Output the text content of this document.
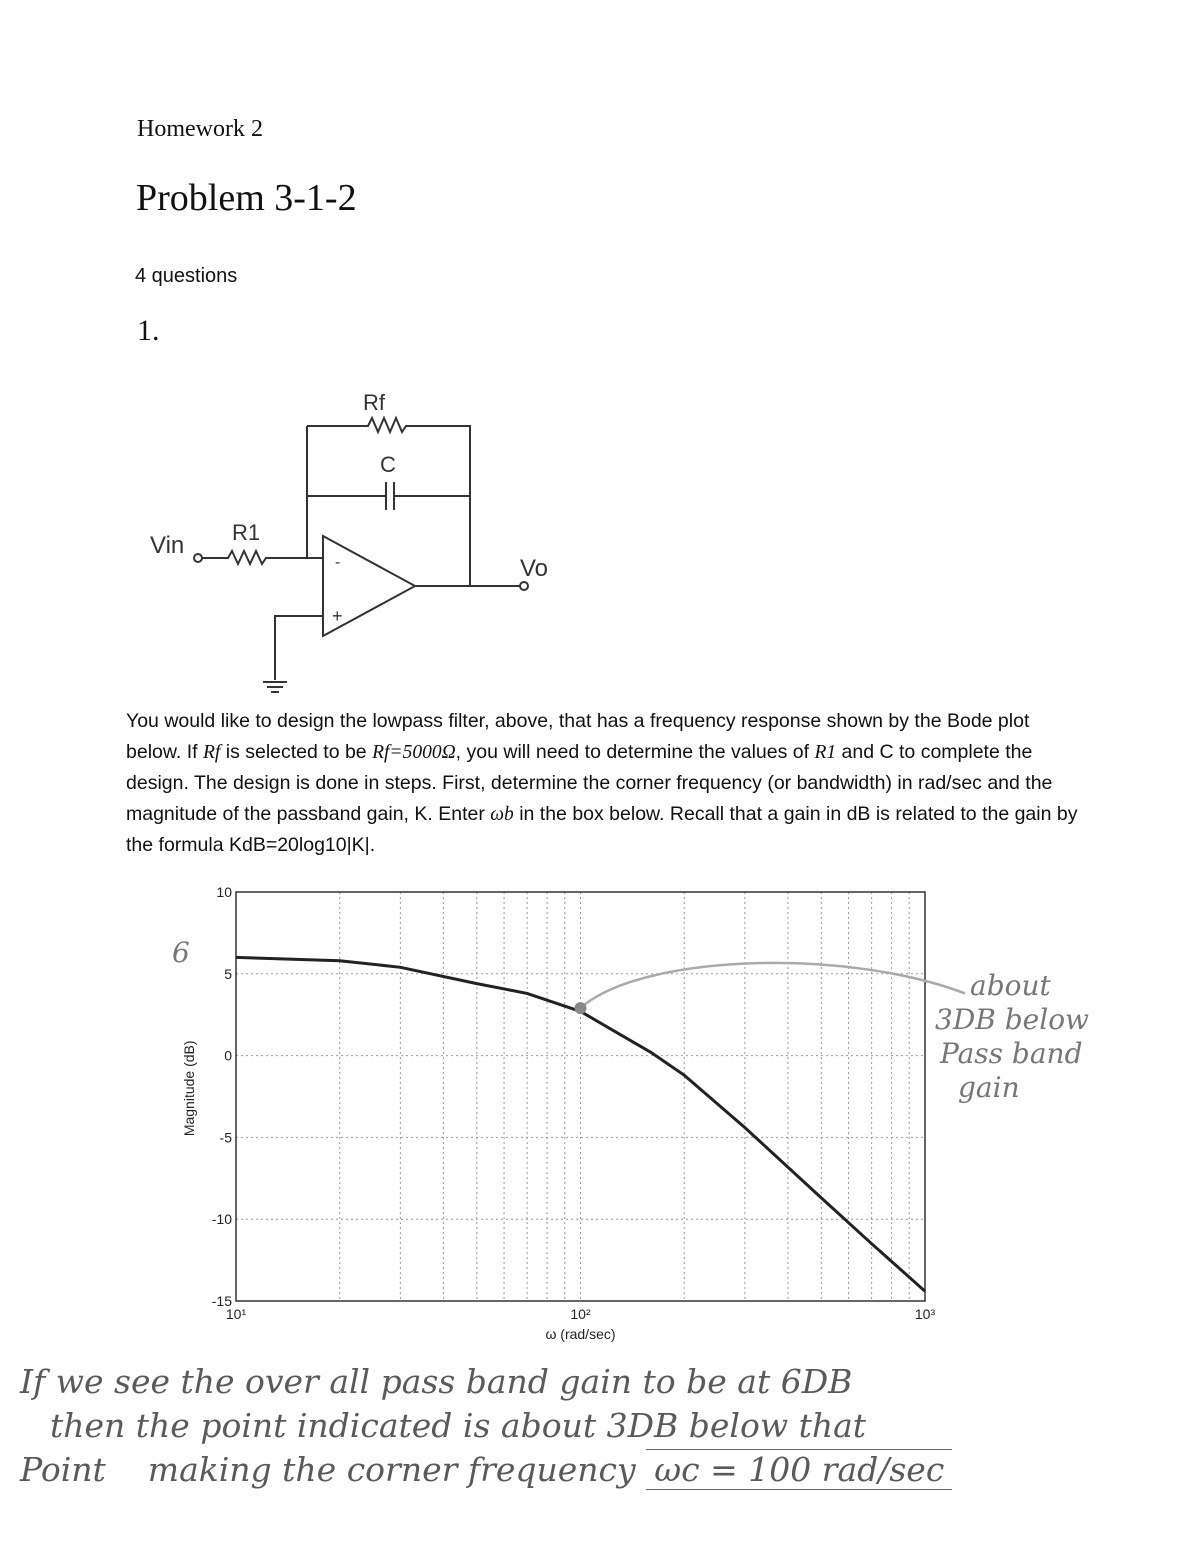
Homework 2
Problem 3-1-2
4 questions
1.
Rf
C
R1
Vin
Vo
-
+
You would like to design the lowpass filter, above, that has a frequency response shown by the Bode plot below. If Rf is selected to be Rf=5000Ω, you will need to determine the values of R1 and C to complete the design. The design is done in steps. First, determine the corner frequency (or bandwidth) in rad/sec and the magnitude of the passband gain, K. Enter ωb in the box below. Recall that a gain in dB is related to the gain by the formula KdB=20log10|K|.
10
5
0
-5
-10
-15
10¹	10²	10³
ω (rad/sec)
Magnitude (dB)
6
about
3DB below
Pass band
gain
If we see the over all pass band gain to be at 6DB
then the point indicated is about 3DB below that
Point making the corner frequency ωc = 100 rad/sec
